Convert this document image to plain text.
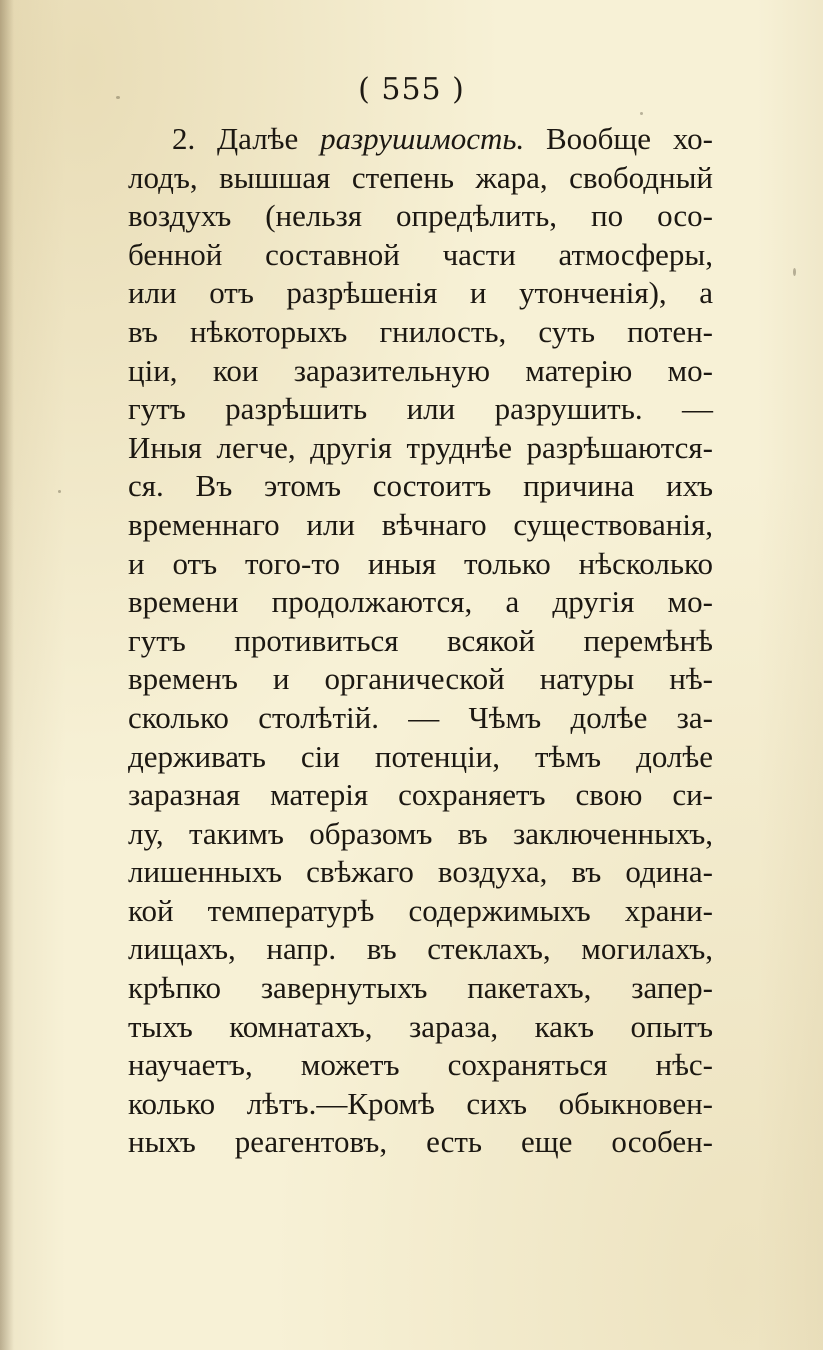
( 555 )
2. Далѣе разрушимость. Вообще хо-
лодъ, вышшая степень жара, свободный
воздухъ (нельзя опредѣлить, по осо-
бенной составной части атмосферы,
или отъ разрѣшенія и утонченія), а
въ нѣкоторыхъ гнилость, суть потен-
ціи, кои заразительную матерію мо-
гутъ разрѣшить или разрушить. —
Иныя легче, другія труднѣе разрѣшаются-
ся. Въ этомъ состоитъ причина ихъ
временнаго или вѣчнаго существованія,
и отъ того-то иныя только нѣсколько
времени продолжаются, а другія мо-
гутъ противиться всякой перемѣнѣ
временъ и органической натуры нѣ-
сколько столѣтій. — Чѣмъ долѣе за-
держивать сіи потенціи, тѣмъ долѣе
заразная матерія сохраняетъ свою си-
лу, такимъ образомъ въ заключенныхъ,
лишенныхъ свѣжаго воздуха, въ одина-
кой температурѣ содержимыхъ храни-
лищахъ, напр. въ стеклахъ, могилахъ,
крѣпко завернутыхъ пакетахъ, запер-
тыхъ комнатахъ, зараза, какъ опытъ
научаетъ, можетъ сохраняться нѣс-
колько лѣтъ.—Кромѣ сихъ обыкновен-
ныхъ реагентовъ, есть еще особен-
